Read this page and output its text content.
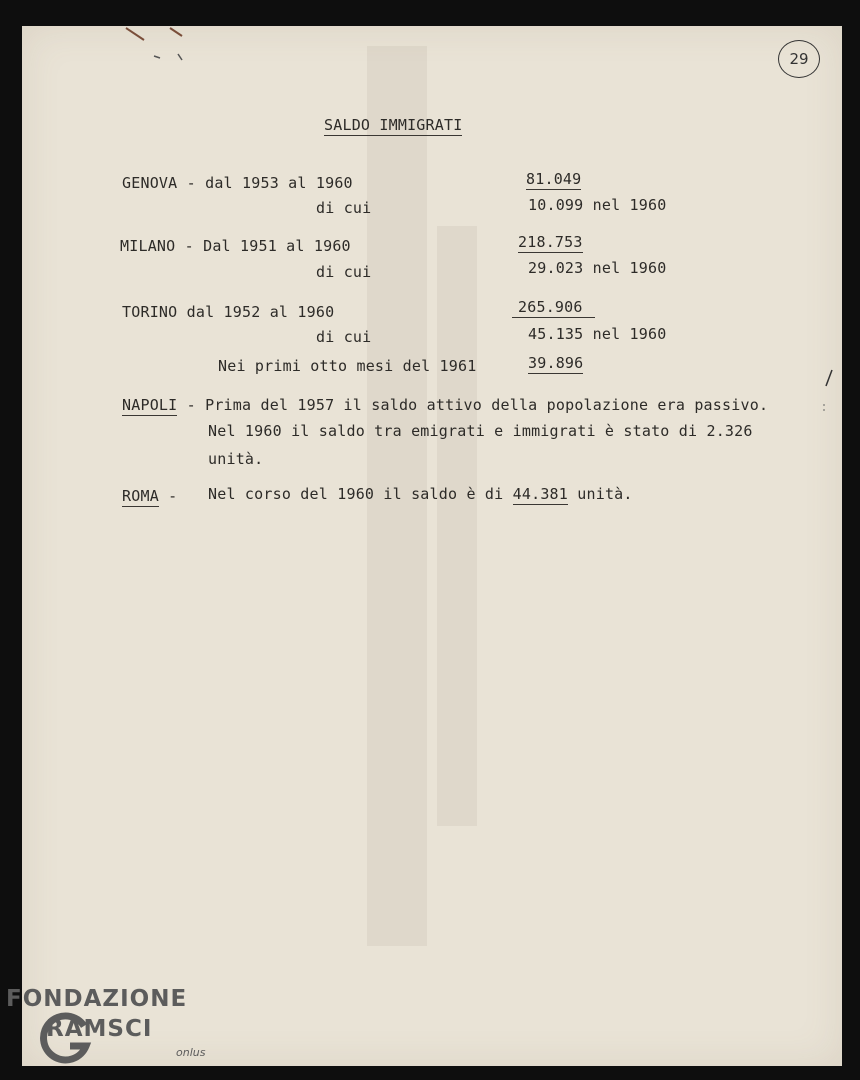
29
SALDO IMMIGRATI
GENOVA - dal 1953 al 1960	81.049
di cui	10.099 nel 1960
MILANO - Dal 1951 al 1960	218.753
di cui	29.023 nel 1960
TORINO dal 1952 al 1960	265.906
di cui	45.135 nel 1960
Nei primi otto mesi del 1961	39.896
NAPOLI - Prima del 1957 il saldo attivo della popolazione era passivo.
Nel 1960 il saldo tra emigrati e immigrati è stato di 2.326
unità.
ROMA - Nel corso del 1960 il saldo è di 44.381 unità.
FONDAZIONE
RAMSCI
onlus
